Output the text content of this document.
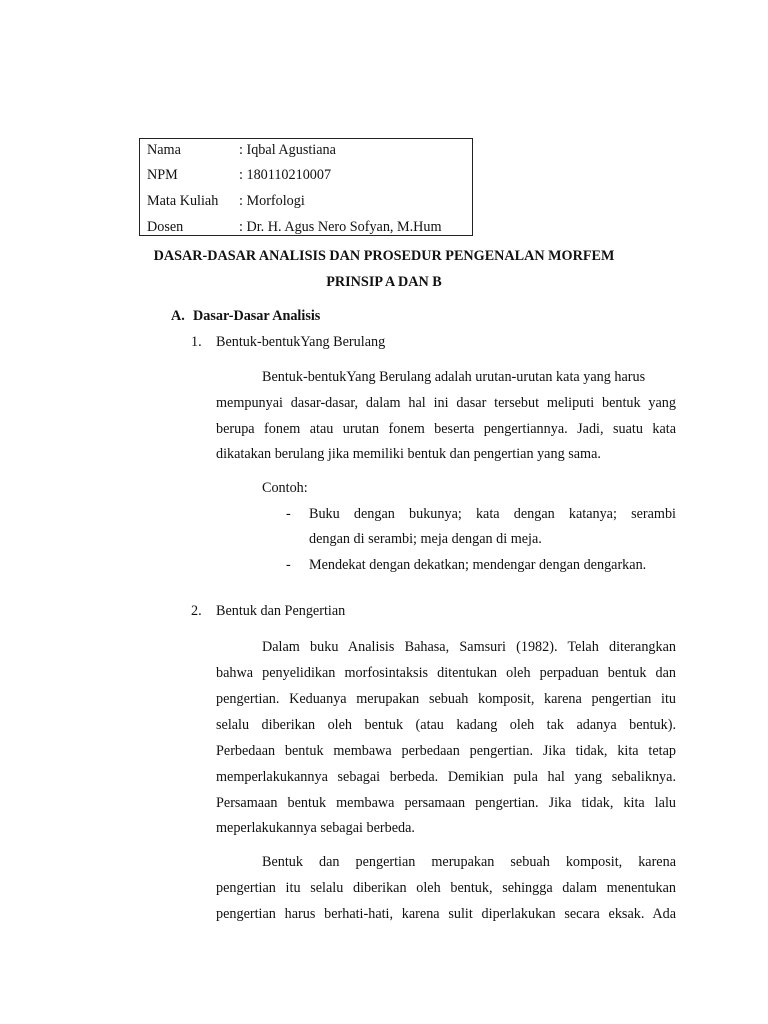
Nama	: Iqbal Agustiana
NPM	: 180110210007
Mata Kuliah : Morfologi
Dosen	: Dr. H. Agus Nero Sofyan, M.Hum
DASAR-DASAR ANALISIS DAN PROSEDUR PENGENALAN MORFEM
PRINSIP A DAN B
A. Dasar-Dasar Analisis
1. Bentuk-bentukYang Berulang
Bentuk-bentukYang Berulang adalah urutan-urutan kata yang harus
mempunyai dasar-dasar, dalam hal ini dasar tersebut meliputi bentuk yang
berupa fonem atau urutan fonem beserta pengertiannya. Jadi, suatu kata
dikatakan berulang jika memiliki bentuk dan pengertian yang sama.
Contoh:
- Buku dengan bukunya; kata dengan katanya; serambi
dengan di serambi; meja dengan di meja.
- Mendekat dengan dekatkan; mendengar dengan dengarkan.
2. Bentuk dan Pengertian
Dalam buku Analisis Bahasa, Samsuri (1982). Telah diterangkan
bahwa penyelidikan morfosintaksis ditentukan oleh perpaduan bentuk dan
pengertian. Keduanya merupakan sebuah komposit, karena pengertian itu
selalu diberikan oleh bentuk (atau kadang oleh tak adanya bentuk).
Perbedaan bentuk membawa perbedaan pengertian. Jika tidak, kita tetap
memperlakukannya sebagai berbeda. Demikian pula hal yang sebaliknya.
Persamaan bentuk membawa persamaan pengertian. Jika tidak, kita lalu
meperlakukannya sebagai berbeda.
Bentuk dan pengertian merupakan sebuah komposit, karena
pengertian itu selalu diberikan oleh bentuk, sehingga dalam menentukan
pengertian harus berhati-hati, karena sulit diperlakukan secara eksak. Ada
